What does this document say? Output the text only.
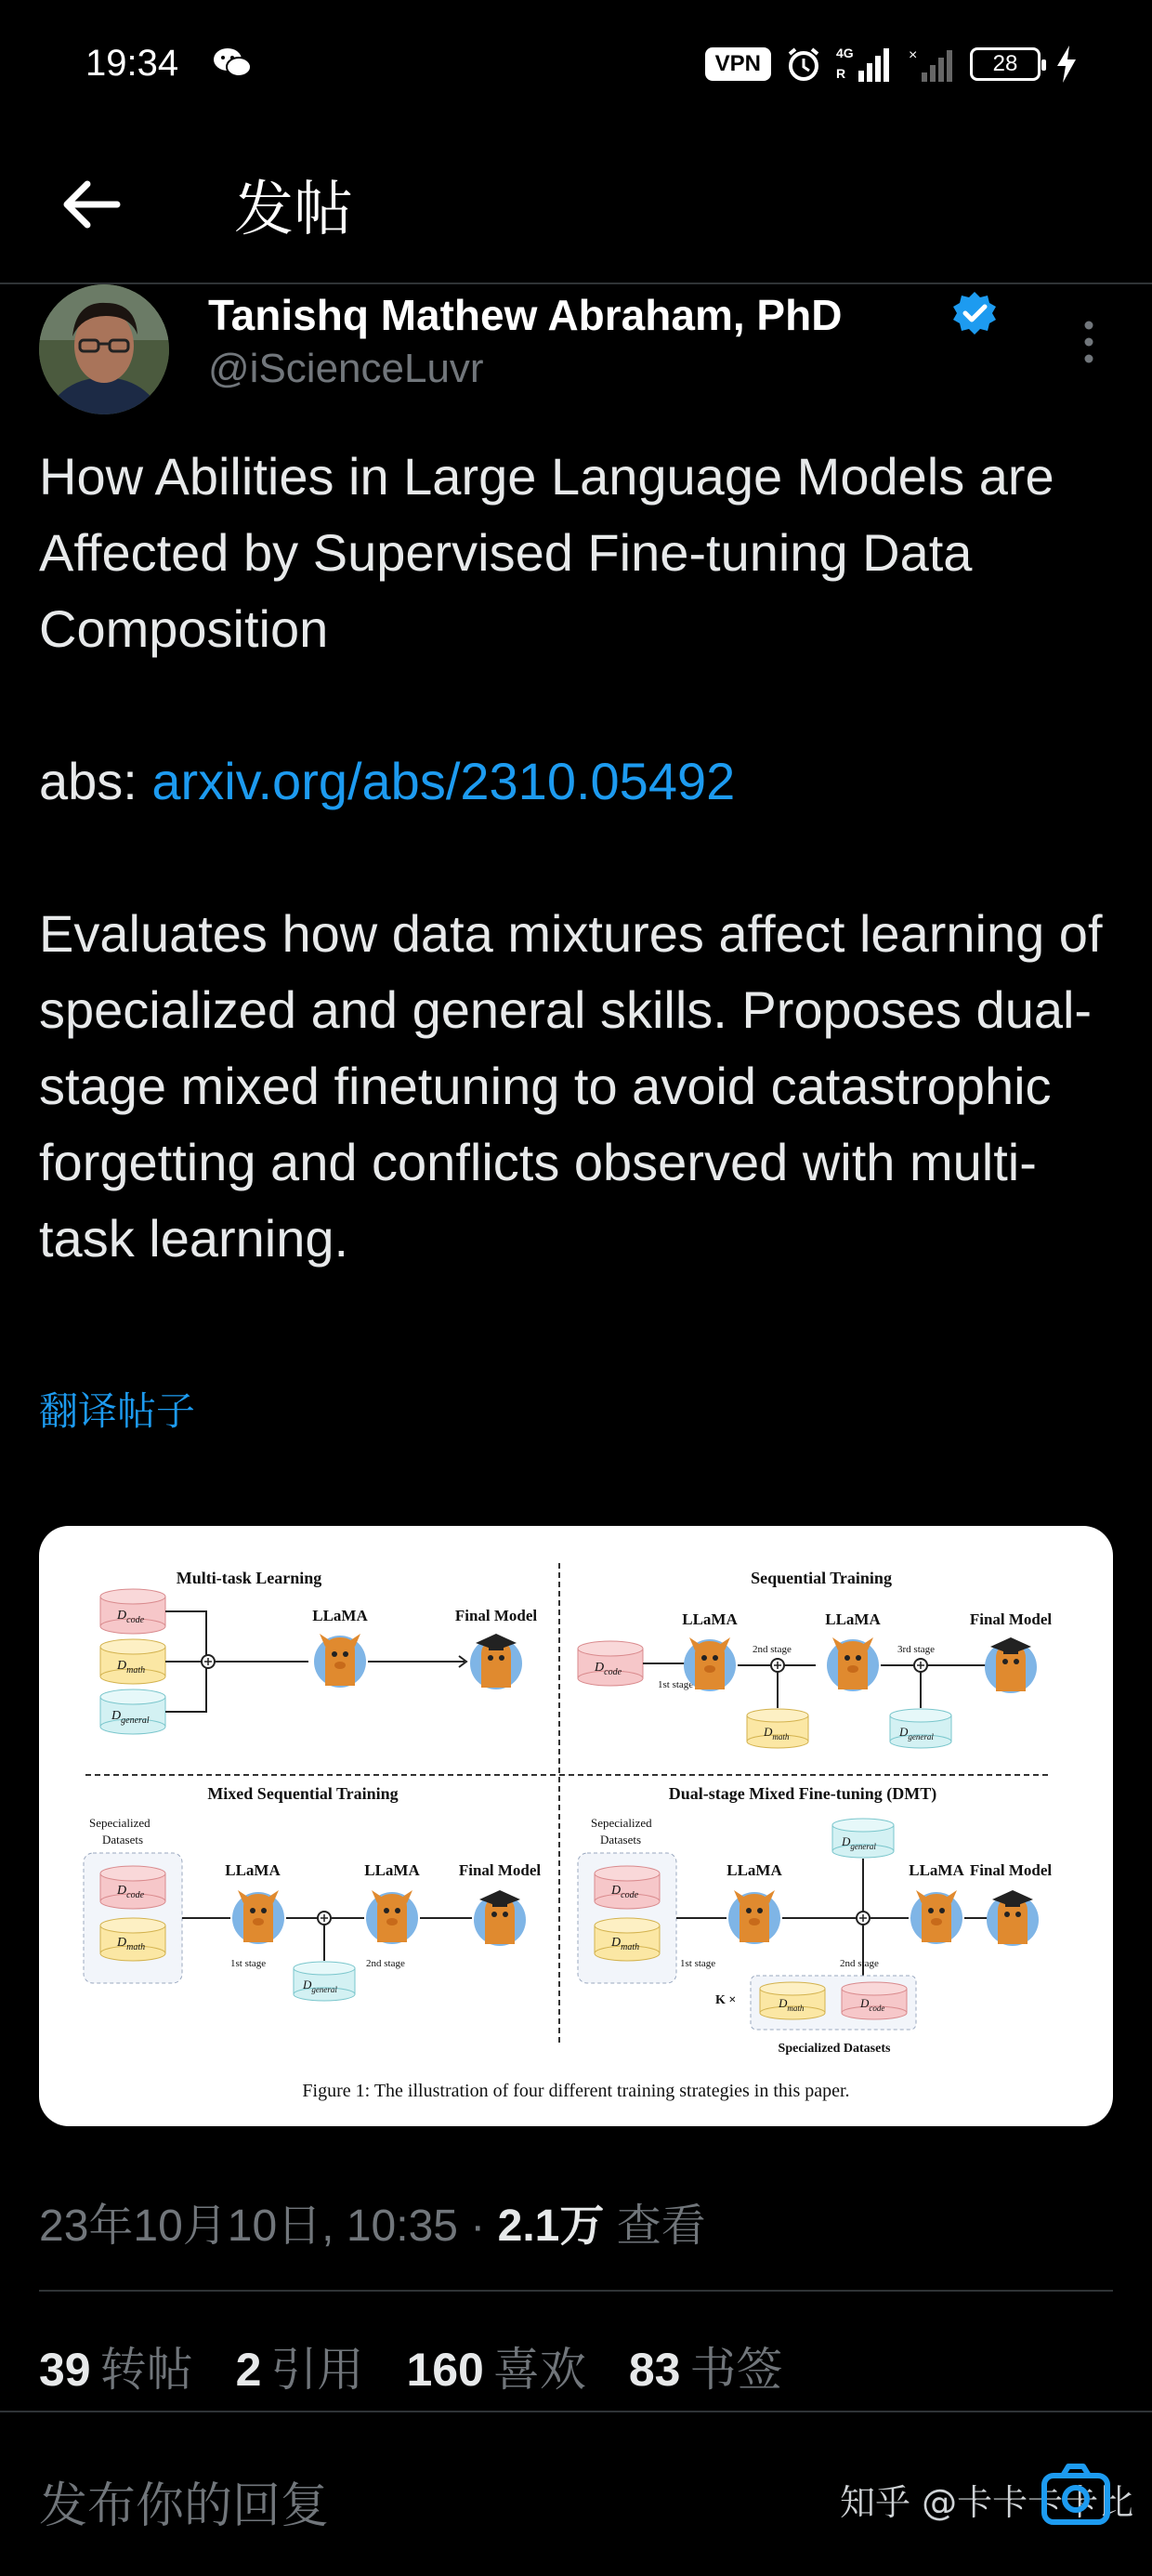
19:34	VPN	4G
R
×	28
发帖
Tanishq Mathew Abraham, PhD
@iScienceLuvr

How Abilities in Large Language Models are Affected by Supervised Fine-tuning Data Composition

abs: arxiv.org/abs/2310.05492

Evaluates how data mixtures affect learning of specialized and general skills. Proposes dual-stage mixed finetuning to avoid catastrophic forgetting and conflicts observed with multi-task learning.

翻译帖子
Multi-task Learning
$D_{code}$
$D_{math}$
$D_{general}$
LLaMA	Final Model
Sequential Training
$D_{code}$
1st stage
LLaMA
2nd stage
$D_{math}$
LLaMA
3rd stage
$D_{general}$
Final Model
Mixed Sequential Training
Sepecialized
Datasets
$D_{code}$
$D_{math}$
LLaMA
1st stage
$D_{general}$
LLaMA
2nd stage
Final Model
Dual-stage Mixed Fine-tuning (DMT)
Sepecialized
Datasets
$D_{code}$
$D_{math}$
LLaMA
1st stage
$D_{general}$
2nd stage
LLaMA Final Model
K ×	$D_{math}$	$D_{code}$
Specialized Datasets
Figure 1: The illustration of four different training strategies in this paper.
23年10月10日, 10:35 · 2.1万 查看
39 转帖 2 引用 160 喜欢 83 书签
发布你的回复	知乎 @卡卡卡卡比
